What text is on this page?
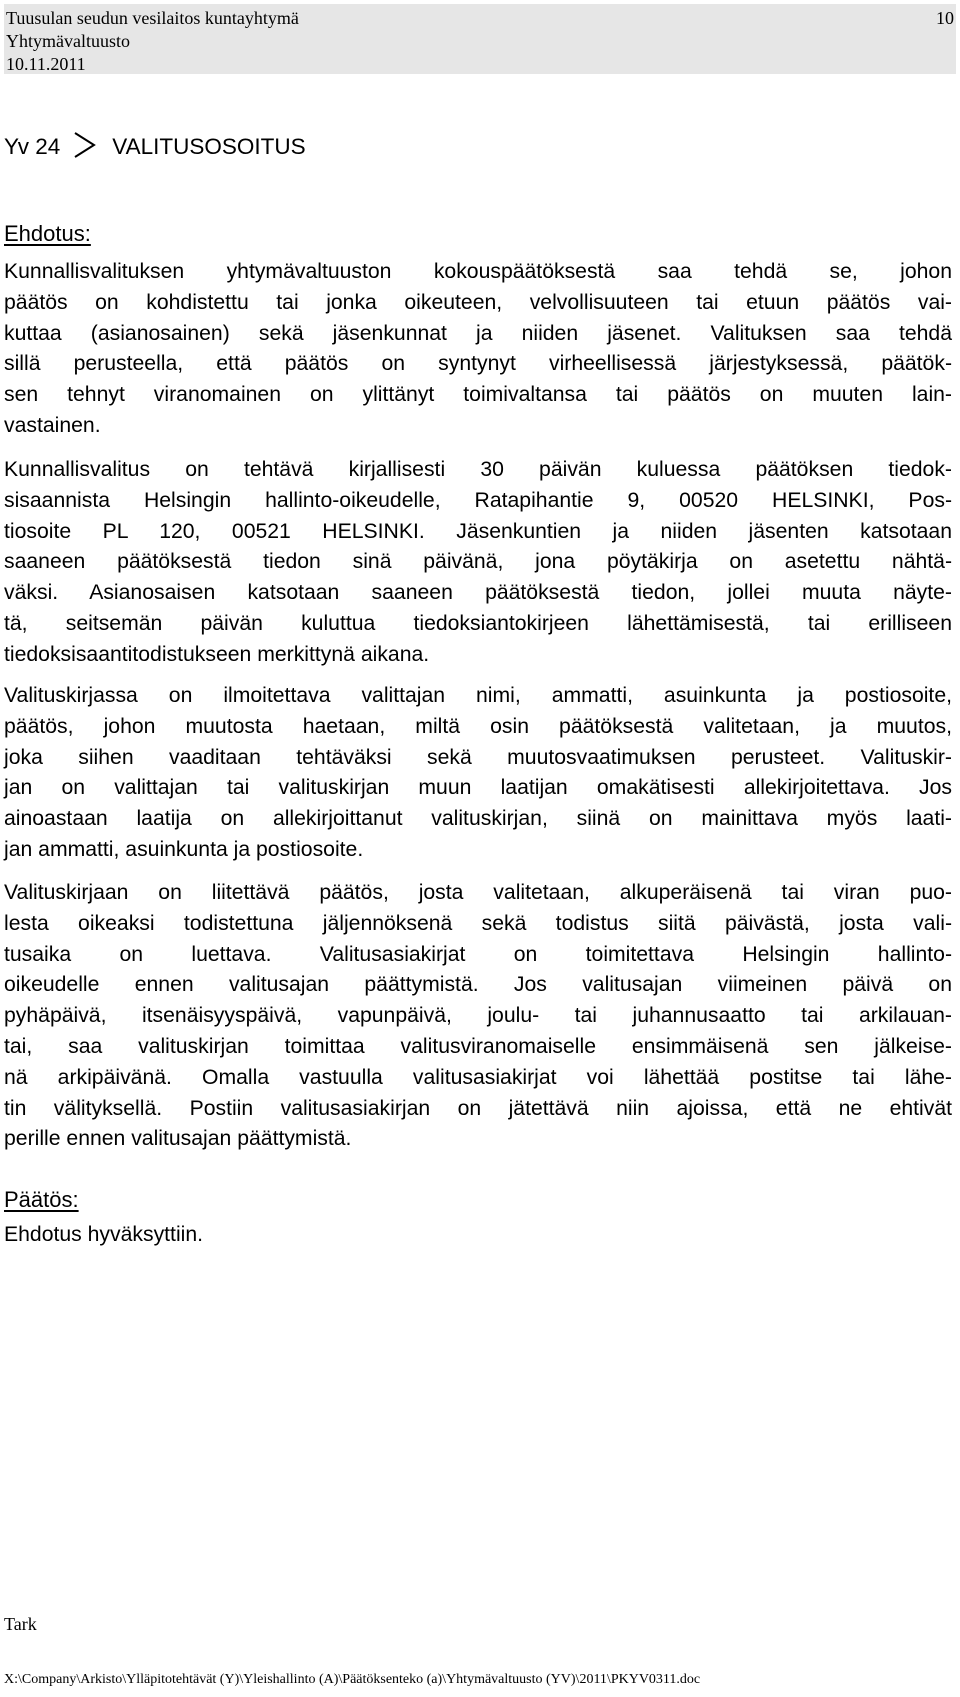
Tuusulan seudun vesilaitos kuntayhtymä
Yhtymävaltuusto
10.11.2011
10
Yv 24 VALITUSOSOITUS
Ehdotus:
Kunnallisvalituksen yhtymävaltuuston kokouspäätöksestä saa tehdä se, johon
päätös on kohdistettu tai jonka oikeuteen, velvollisuuteen tai etuun päätös vai-
kuttaa (asianosainen) sekä jäsenkunnat ja niiden jäsenet. Valituksen saa tehdä
sillä perusteella, että päätös on syntynyt virheellisessä järjestyksessä, päätök-
sen tehnyt viranomainen on ylittänyt toimivaltansa tai päätös on muuten lain-
vastainen.
Kunnallisvalitus on tehtävä kirjallisesti 30 päivän kuluessa päätöksen tiedok-
sisaannista Helsingin hallinto-oikeudelle, Ratapihantie 9, 00520 HELSINKI, Pos-
tiosoite PL 120, 00521 HELSINKI. Jäsenkuntien ja niiden jäsenten katsotaan
saaneen päätöksestä tiedon sinä päivänä, jona pöytäkirja on asetettu nähtä-
väksi. Asianosaisen katsotaan saaneen päätöksestä tiedon, jollei muuta näyte-
tä, seitsemän päivän kuluttua tiedoksiantokirjeen lähettämisestä, tai erilliseen
tiedoksisaantitodistukseen merkittynä aikana.
Valituskirjassa on ilmoitettava valittajan nimi, ammatti, asuinkunta ja postiosoite,
päätös, johon muutosta haetaan, miltä osin päätöksestä valitetaan, ja muutos,
joka siihen vaaditaan tehtäväksi sekä muutosvaatimuksen perusteet. Valituskir-
jan on valittajan tai valituskirjan muun laatijan omakätisesti allekirjoitettava. Jos
ainoastaan laatija on allekirjoittanut valituskirjan, siinä on mainittava myös laati-
jan ammatti, asuinkunta ja postiosoite.
Valituskirjaan on liitettävä päätös, josta valitetaan, alkuperäisenä tai viran puo-
lesta oikeaksi todistettuna jäljennöksenä sekä todistus siitä päivästä, josta vali-
tusaika on luettava. Valitusasiakirjat on toimitettava Helsingin hallinto-
oikeudelle ennen valitusajan päättymistä. Jos valitusajan viimeinen päivä on
pyhäpäivä, itsenäisyyspäivä, vapunpäivä, joulu- tai juhannusaatto tai arkilauan-
tai, saa valituskirjan toimittaa valitusviranomaiselle ensimmäisenä sen jälkeise-
nä arkipäivänä. Omalla vastuulla valitusasiakirjat voi lähettää postitse tai lähe-
tin välityksellä. Postiin valitusasiakirjan on jätettävä niin ajoissa, että ne ehtivät
perille ennen valitusajan päättymistä.
Päätös:
Ehdotus hyväksyttiin.
Tark
X:\Company\Arkisto\Ylläpitotehtävät (Y)\Yleishallinto (A)\Päätöksenteko (a)\Yhtymävaltuusto (YV)\2011\PKYV0311.doc
